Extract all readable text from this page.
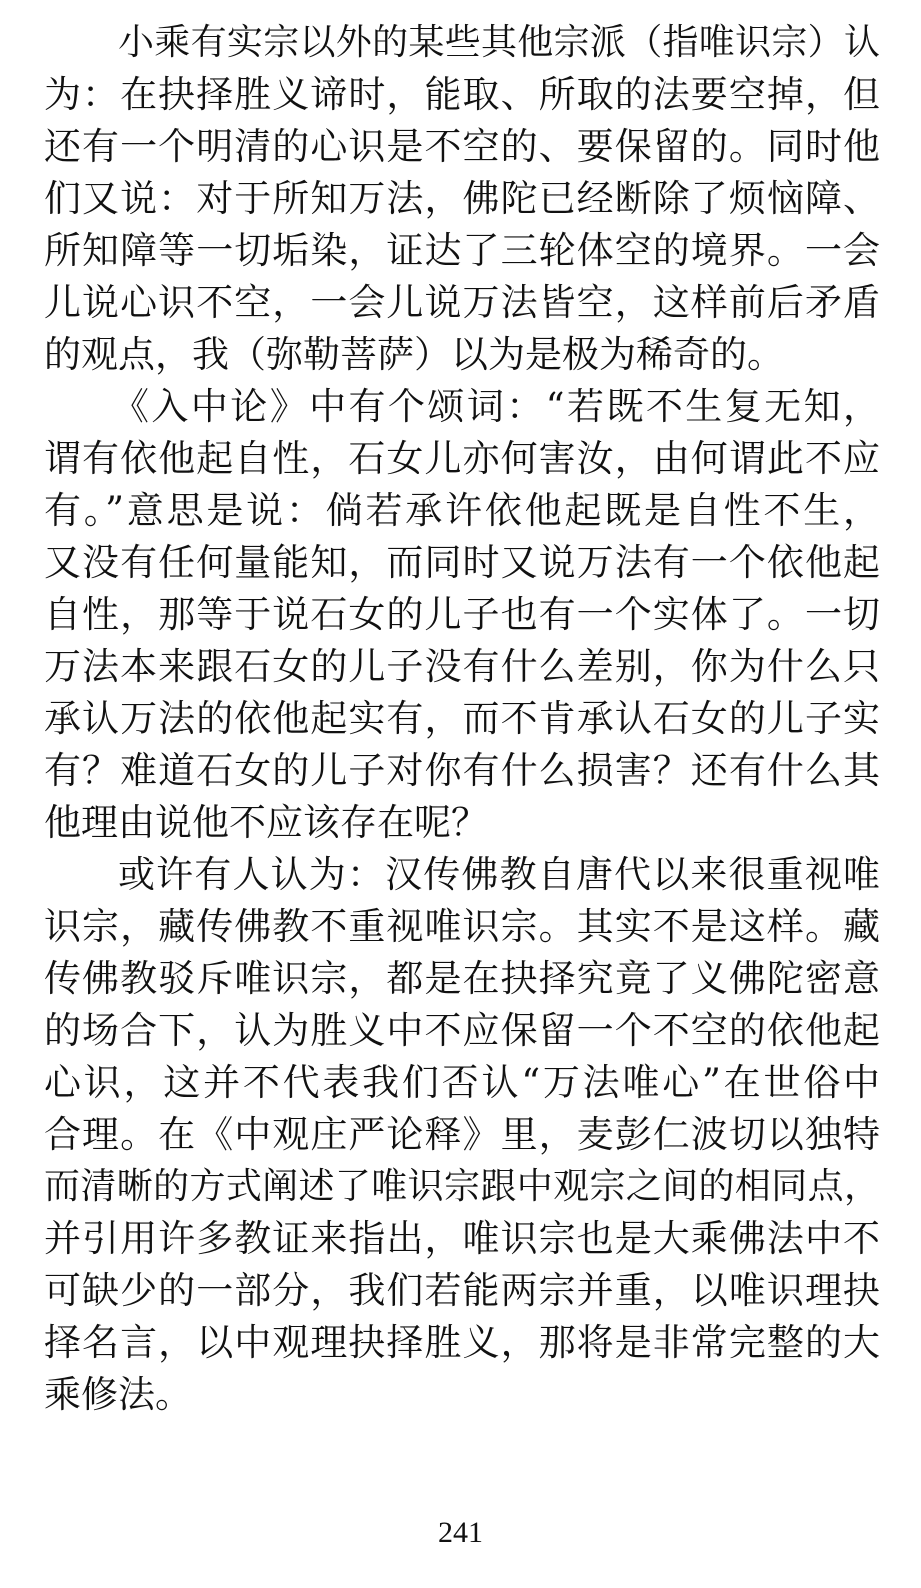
小乘有实宗以外的某些其他宗派（指唯识宗）认
为：在抉择胜义谛时，能取、所取的法要空掉，但
还有一个明清的心识是不空的、要保留的。同时他
们又说：对于所知万法，佛陀已经断除了烦恼障、
所知障等一切垢染，证达了三轮体空的境界。一会
儿说心识不空，一会儿说万法皆空，这样前后矛盾
的观点，我（弥勒菩萨）以为是极为稀奇的。
《入中论》中有个颂词：“若既不生复无知，
谓有依他起自性，石女儿亦何害汝，由何谓此不应
有。”意思是说：倘若承许依他起既是自性不生，
又没有任何量能知，而同时又说万法有一个依他起
自性，那等于说石女的儿子也有一个实体了。一切
万法本来跟石女的儿子没有什么差别，你为什么只
承认万法的依他起实有，而不肯承认石女的儿子实
有？难道石女的儿子对你有什么损害？还有什么其
他理由说他不应该存在呢？
或许有人认为：汉传佛教自唐代以来很重视唯
识宗，藏传佛教不重视唯识宗。其实不是这样。藏
传佛教驳斥唯识宗，都是在抉择究竟了义佛陀密意
的场合下，认为胜义中不应保留一个不空的依他起
心识，这并不代表我们否认“万法唯心”在世俗中
合理。在《中观庄严论释》里，麦彭仁波切以独特
而清晰的方式阐述了唯识宗跟中观宗之间的相同点，
并引用许多教证来指出，唯识宗也是大乘佛法中不
可缺少的一部分，我们若能两宗并重，以唯识理抉
择名言，以中观理抉择胜义，那将是非常完整的大
乘修法。
241
